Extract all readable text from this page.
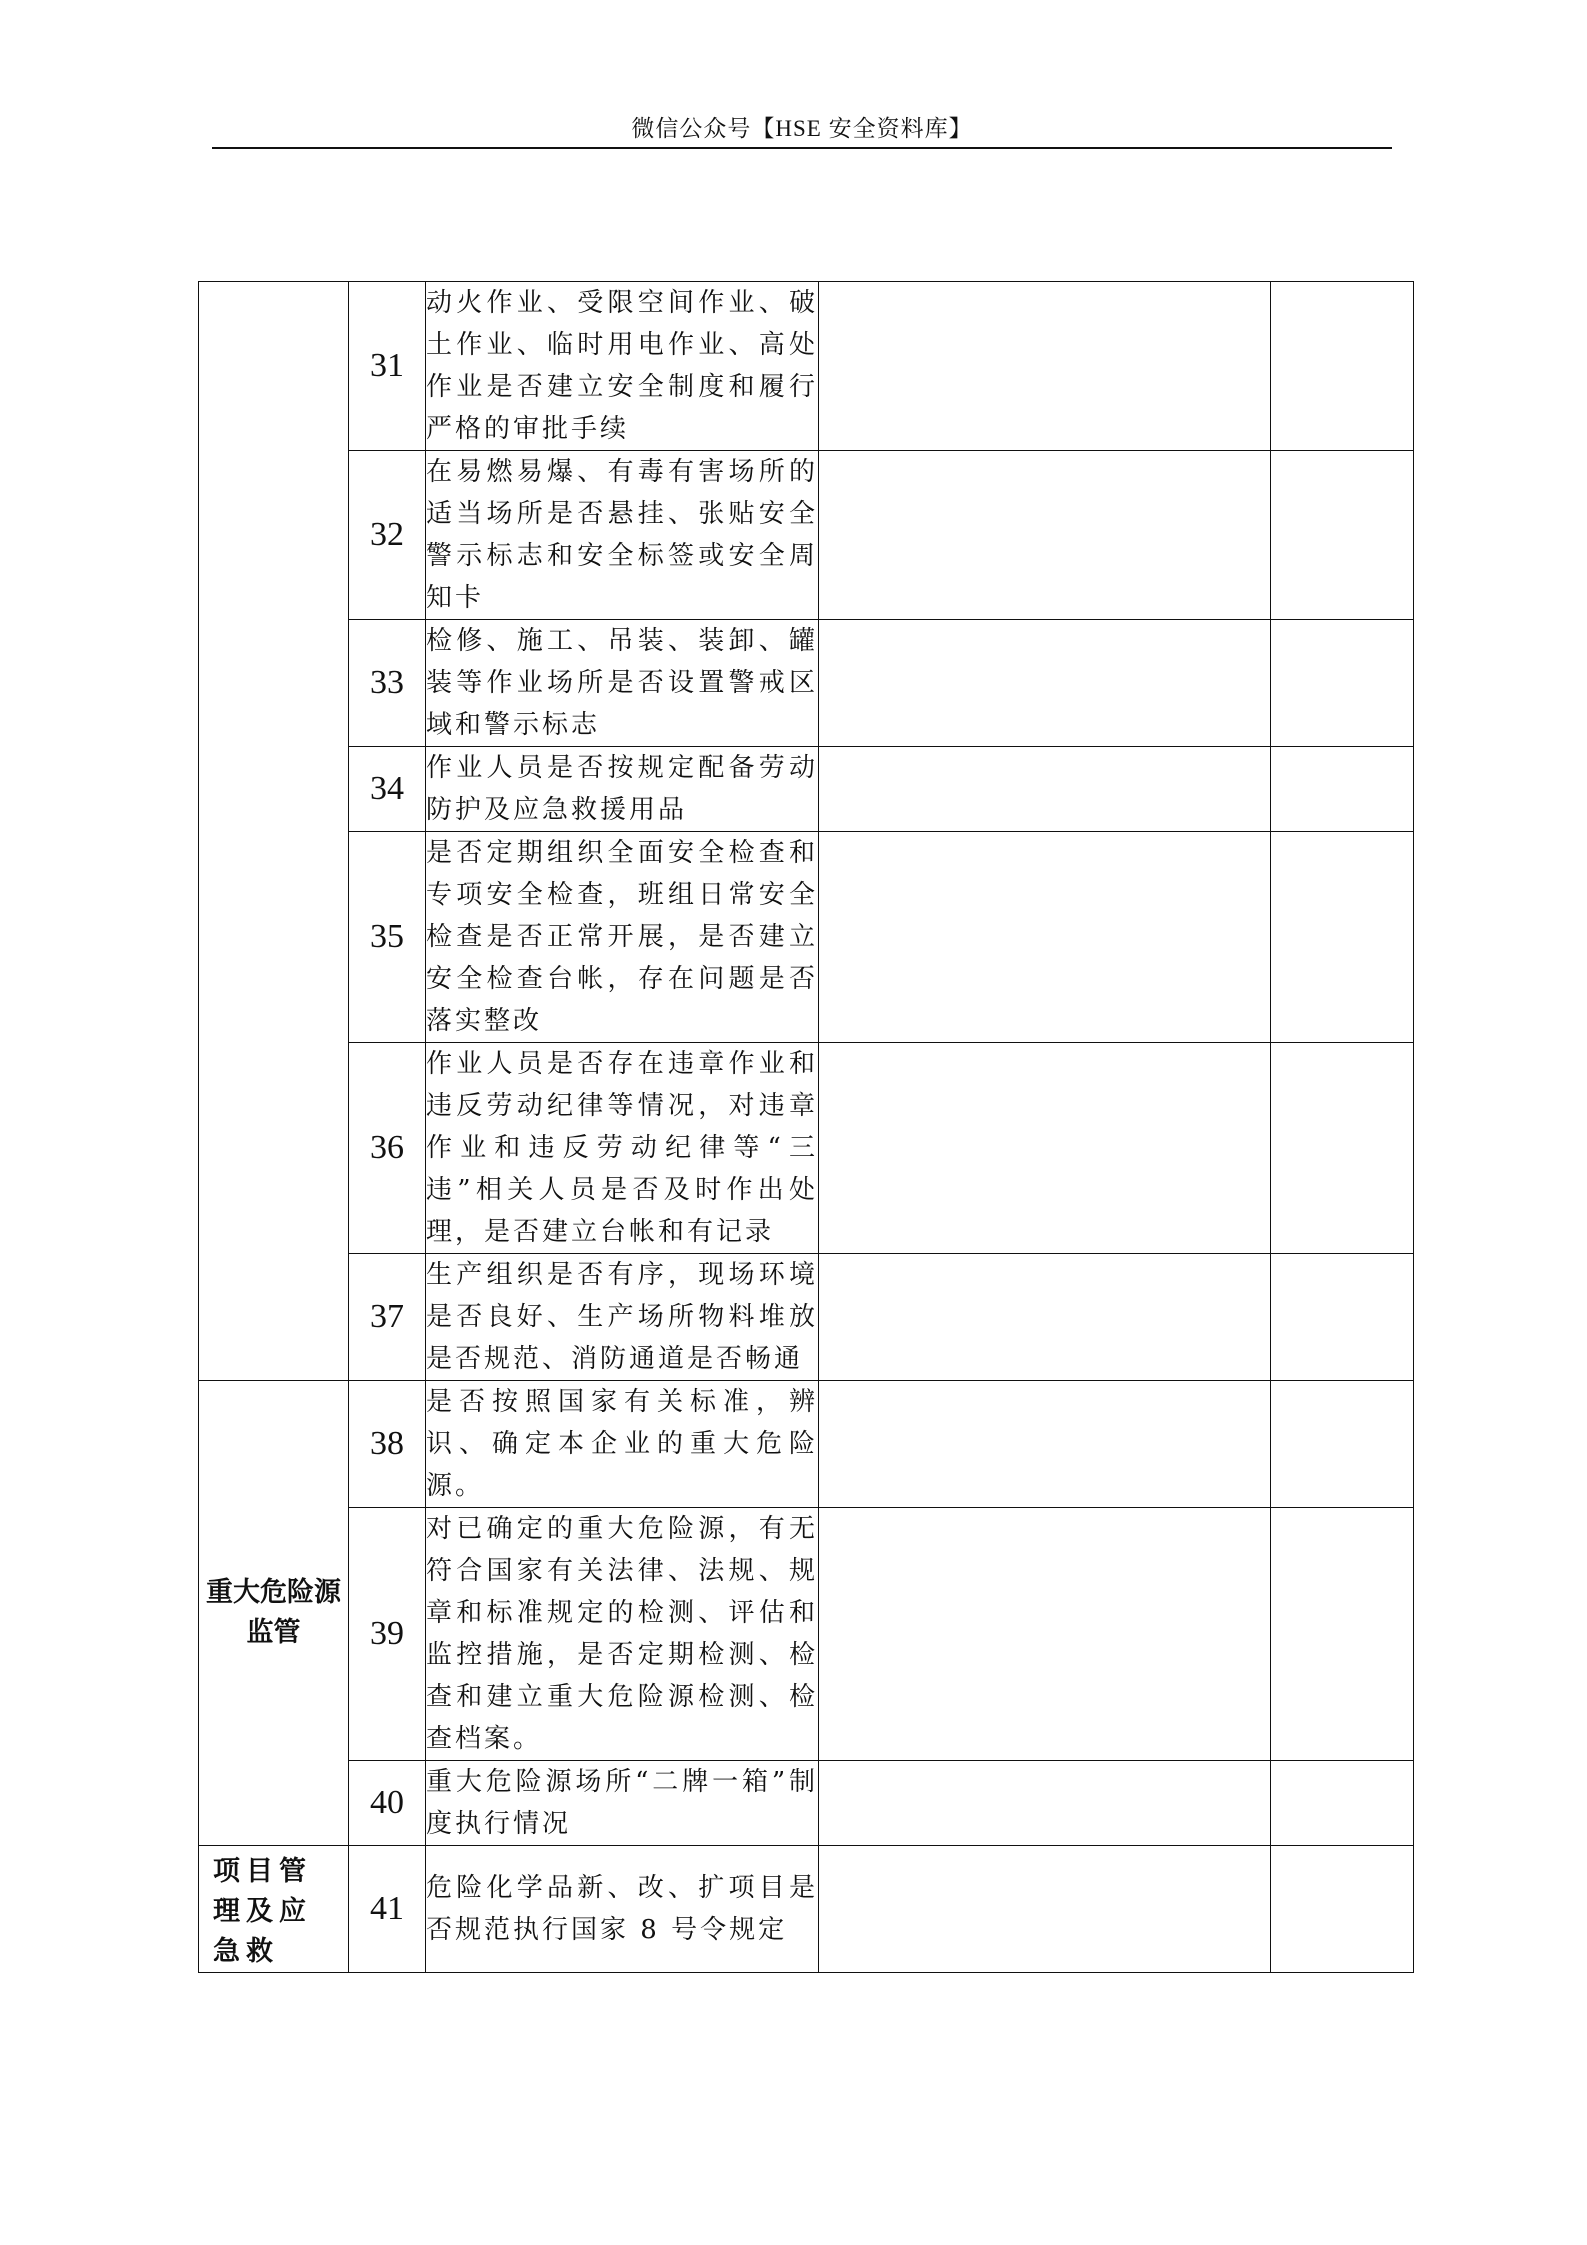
微信公众号【HSE 安全资料库】
	31	动火作业、受限空间作业、破土作业、临时用电作业、高处作业是否建立安全制度和履行严格的审批手续		

	32	在易燃易爆、有毒有害场所的适当场所是否悬挂、张贴安全警示标志和安全标签或安全周知卡		

	33	检修、施工、吊装、装卸、罐装等作业场所是否设置警戒区域和警示标志		

	34	作业人员是否按规定配备劳动防护及应急救援用品		

	35	是否定期组织全面安全检查和专项安全检查，班组日常安全检查是否正常开展，是否建立安全检查台帐，存在问题是否落实整改		

	36	作业人员是否存在违章作业和违反劳动纪律等情况，对违章作业和违反劳动纪律等“三违”相关人员是否及时作出处理，是否建立台帐和有记录		

	37	生产组织是否有序，现场环境是否良好、生产场所物料堆放是否规范、消防通道是否畅通		

重大危险源监管	38	是否按照国家有关标准，辨识、确定本企业的重大危险源。		

	39	对已确定的重大危险源，有无符合国家有关法律、法规、规章和标准规定的检测、评估和监控措施，是否定期检测、检查和建立重大危险源检测、检查档案。		

	40	重大危险源场所“二牌一箱”制度执行情况		

项目管理及应急救	41	危险化学品新、改、扩项目是否规范执行国家 8 号令规定		
